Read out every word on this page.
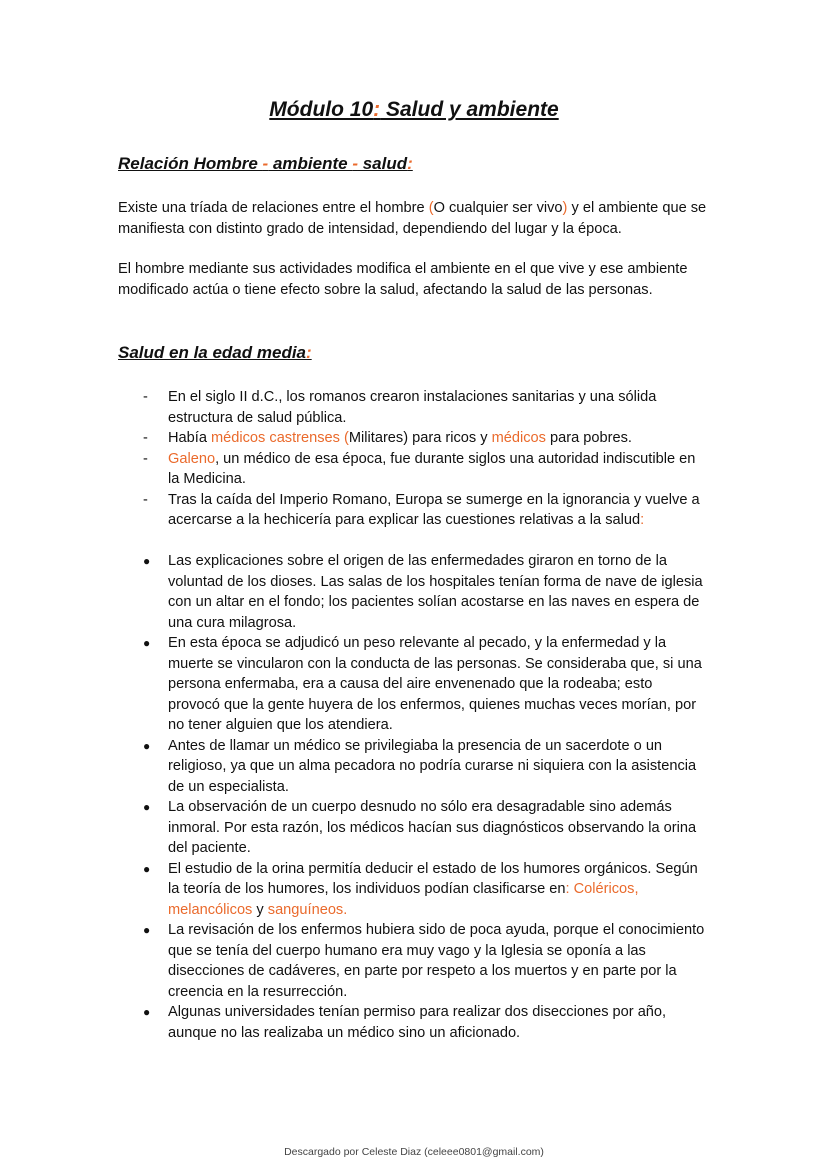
Módulo 10: Salud y ambiente
Relación Hombre - ambiente - salud:

Existe una tríada de relaciones entre el hombre (O cualquier ser vivo) y el ambiente que se manifiesta con distinto grado de intensidad, dependiendo del lugar y la época.

El hombre mediante sus actividades modifica el ambiente en el que vive y ese ambiente modificado actúa o tiene efecto sobre la salud, afectando la salud de las personas.

Salud en la edad media:
-	En el siglo II d.C., los romanos crearon instalaciones sanitarias y una sólida estructura de salud pública.
-	Había médicos castrenses (Militares) para ricos y médicos para pobres.
-	Galeno, un médico de esa época, fue durante siglos una autoridad indiscutible en la Medicina.
-	Tras la caída del Imperio Romano, Europa se sumerge en la ignorancia y vuelve a acercarse a la hechicería para explicar las cuestiones relativas a la salud:
●	Las explicaciones sobre el origen de las enfermedades giraron en torno de la voluntad de los dioses. Las salas de los hospitales tenían forma de nave de iglesia con un altar en el fondo; los pacientes solían acostarse en las naves en espera de una cura milagrosa.
●	En esta época se adjudicó un peso relevante al pecado, y la enfermedad y la muerte se vincularon con la conducta de las personas. Se consideraba que, si una persona enfermaba, era a causa del aire envenenado que la rodeaba; esto provocó que la gente huyera de los enfermos, quienes muchas veces morían, por no tener alguien que los atendiera.
●	Antes de llamar un médico se privilegiaba la presencia de un sacerdote o un religioso, ya que un alma pecadora no podría curarse ni siquiera con la asistencia de un especialista.
●	La observación de un cuerpo desnudo no sólo era desagradable sino además inmoral. Por esta razón, los médicos hacían sus diagnósticos observando la orina del paciente.
●	El estudio de la orina permitía deducir el estado de los humores orgánicos. Según la teoría de los humores, los individuos podían clasificarse en: Coléricos, melancólicos y sanguíneos.
●	La revisación de los enfermos hubiera sido de poca ayuda, porque el conocimiento que se tenía del cuerpo humano era muy vago y la Iglesia se oponía a las disecciones de cadáveres, en parte por respeto a los muertos y en parte por la creencia en la resurrección.
●	Algunas universidades tenían permiso para realizar dos disecciones por año, aunque no las realizaba un médico sino un aficionado.

Descargado por Celeste Diaz (celeee0801@gmail.com)
